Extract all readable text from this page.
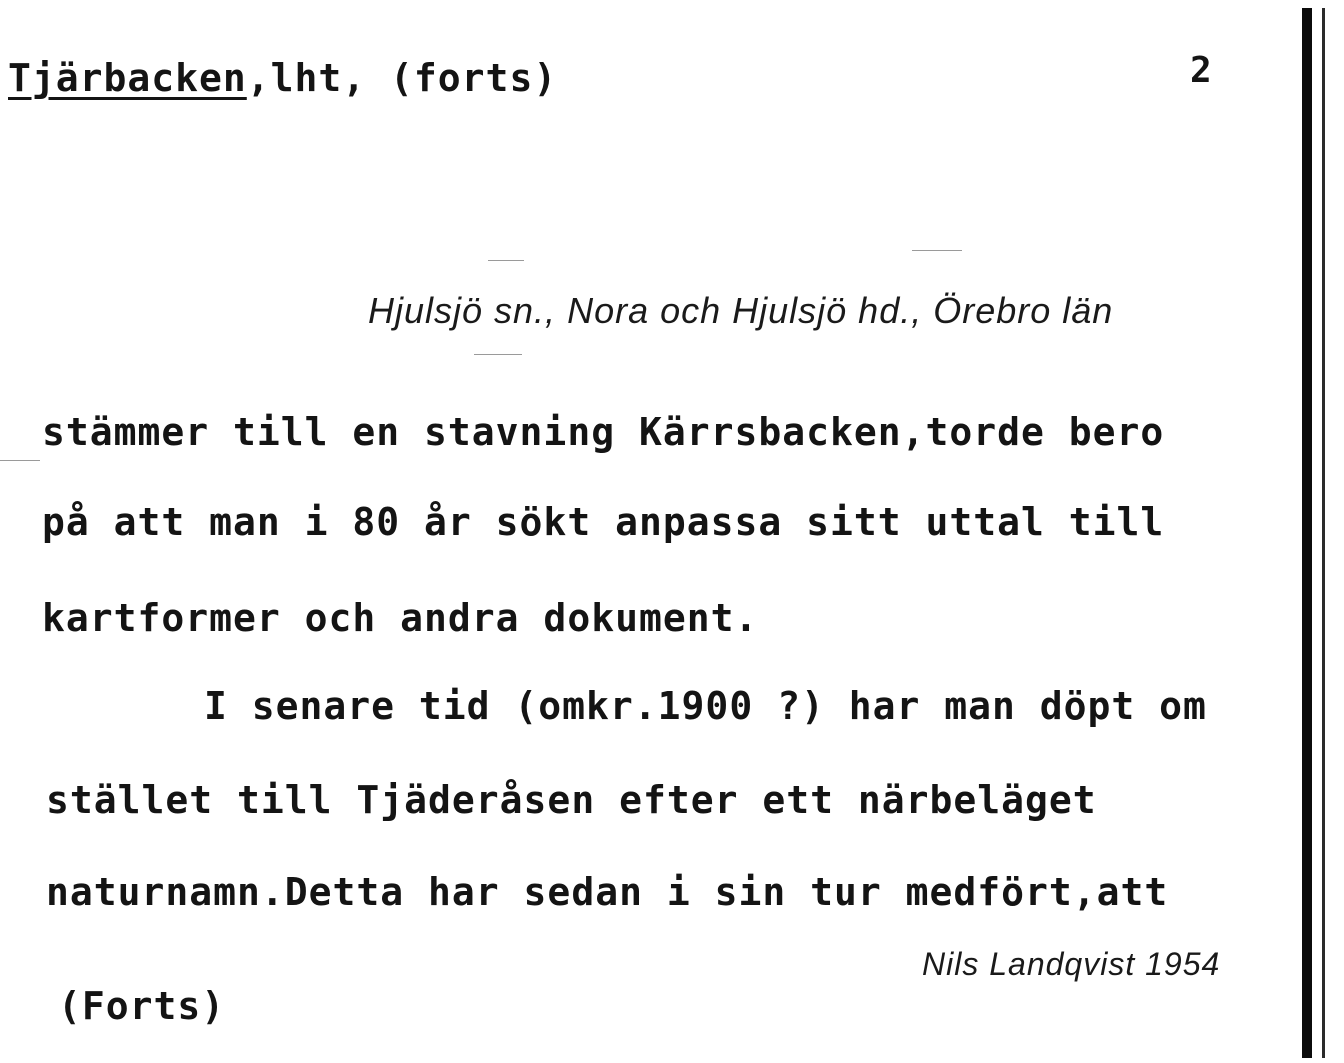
Tjärbacken,lht, (forts)	2
Hjulsjö sn., Nora och Hjulsjö hd., Örebro län
stämmer till en stavning Kärrsbacken,torde bero
på att man i 80 år sökt anpassa sitt uttal till
kartformer och andra dokument.
I senare tid (omkr.1900 ?) har man döpt om
stället till Tjäderåsen efter ett närbeläget
naturnamn.Detta har sedan i sin tur medfört,att
Nils Landqvist 1954
(Forts)
